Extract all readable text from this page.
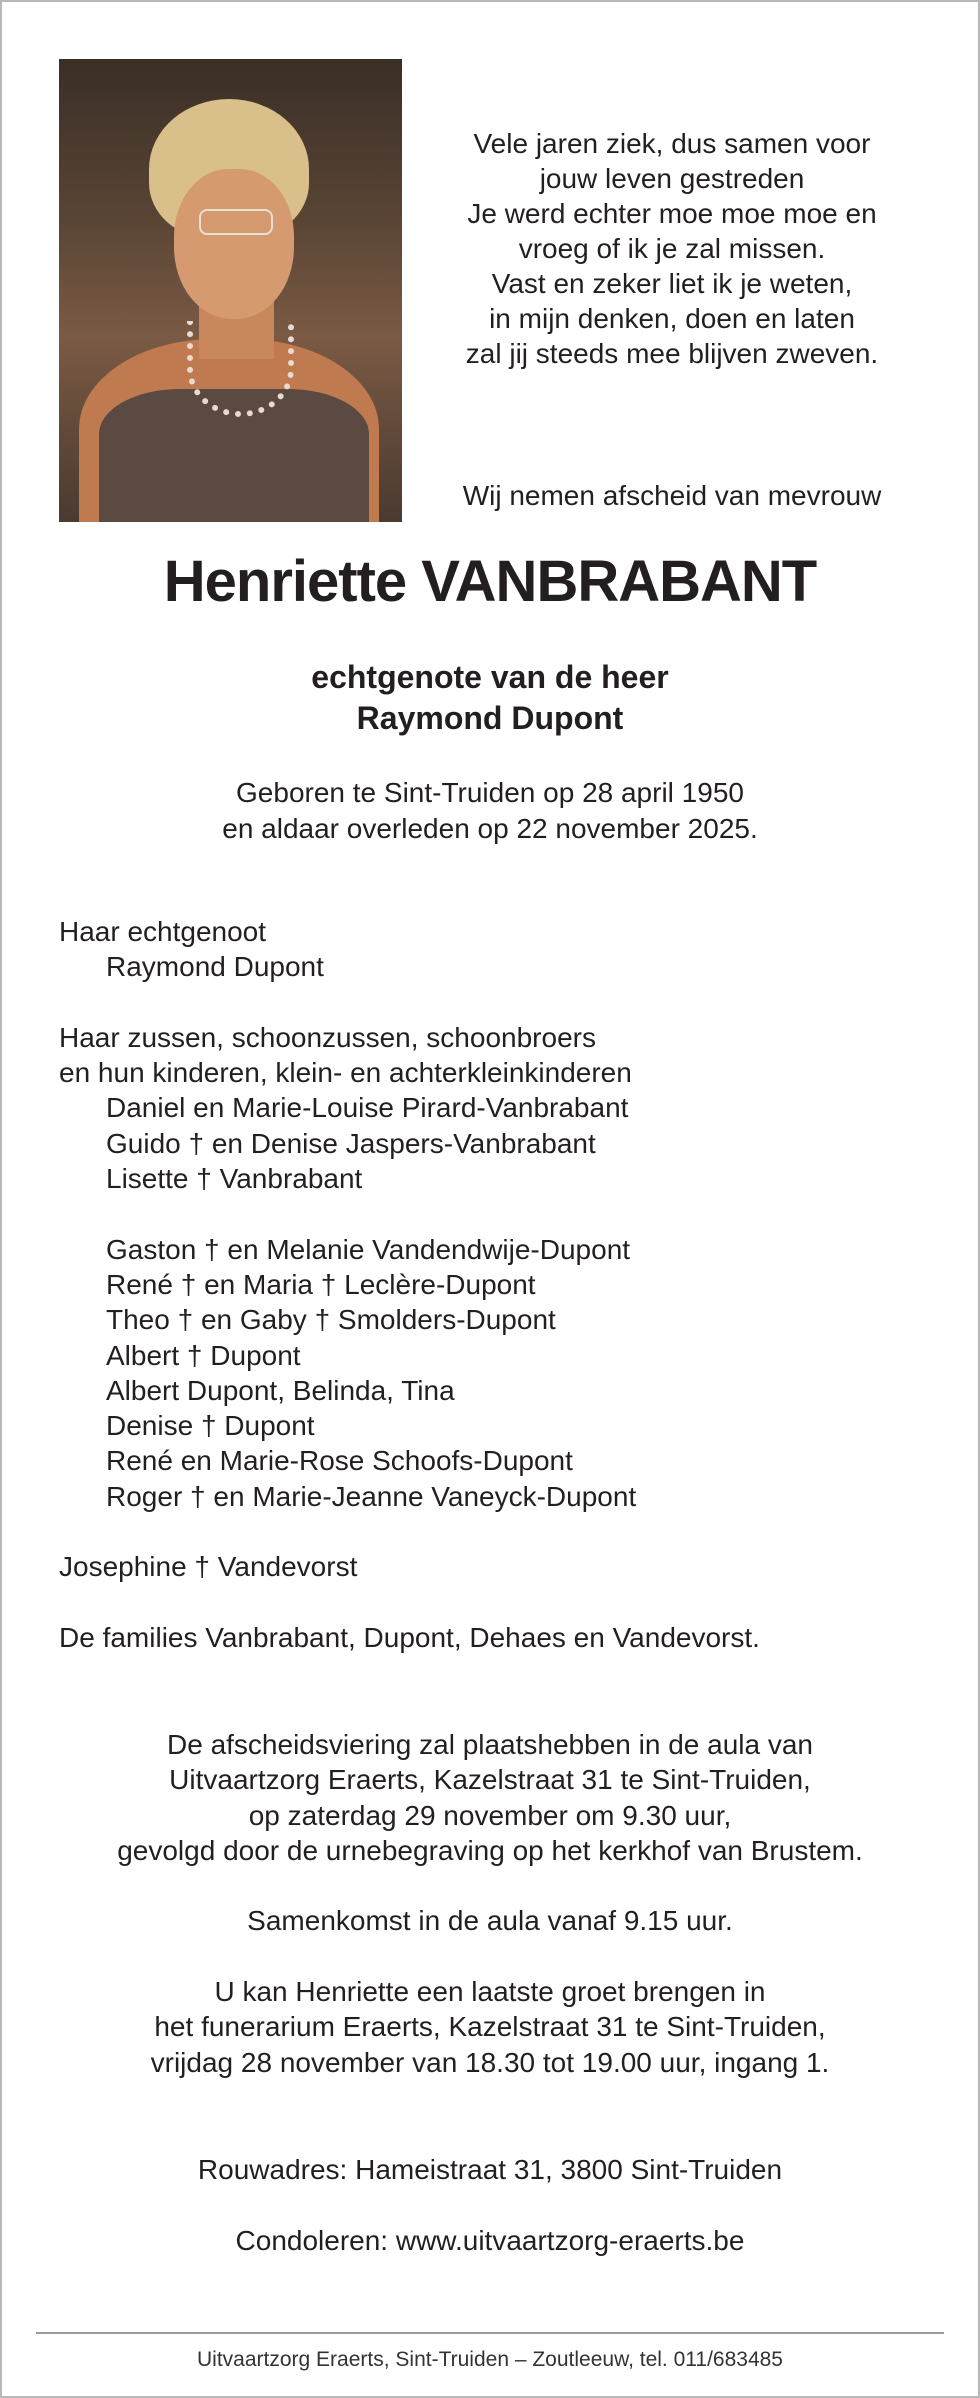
Vele jaren ziek, dus samen voor
jouw leven gestreden
Je werd echter moe moe moe en
vroeg of ik je zal missen.
Vast en zeker liet ik je weten,
in mijn denken, doen en laten
zal jij steeds mee blijven zweven.
Wij nemen afscheid van mevrouw
Henriette VANBRABANT
echtgenote van de heer
Raymond Dupont
Geboren te Sint-Truiden op 28 april 1950
en aldaar overleden op 22 november 2025.
Haar echtgenoot
Raymond Dupont
Haar zussen, schoonzussen, schoonbroers
en hun kinderen, klein- en achterkleinkinderen
Daniel en Marie-Louise Pirard-Vanbrabant
Guido † en Denise Jaspers-Vanbrabant
Lisette † Vanbrabant
Gaston † en Melanie Vandendwije-Dupont
René † en Maria † Leclère-Dupont
Theo † en Gaby † Smolders-Dupont
Albert † Dupont
Albert Dupont, Belinda, Tina
Denise † Dupont
René en Marie-Rose Schoofs-Dupont
Roger † en Marie-Jeanne Vaneyck-Dupont
Josephine † Vandevorst
De families Vanbrabant, Dupont, Dehaes en Vandevorst.
De afscheidsviering zal plaatshebben in de aula van
Uitvaartzorg Eraerts, Kazelstraat 31 te Sint-Truiden,
op zaterdag 29 november om 9.30 uur,
gevolgd door de urnebegraving op het kerkhof van Brustem.
Samenkomst in de aula vanaf 9.15 uur.
U kan Henriette een laatste groet brengen in
het funerarium Eraerts, Kazelstraat 31 te Sint-Truiden,
vrijdag 28 november van 18.30 tot 19.00 uur, ingang 1.
Rouwadres: Hameistraat 31, 3800 Sint-Truiden
Condoleren: www.uitvaartzorg-eraerts.be
Uitvaartzorg Eraerts, Sint-Truiden – Zoutleeuw, tel. 011/683485
